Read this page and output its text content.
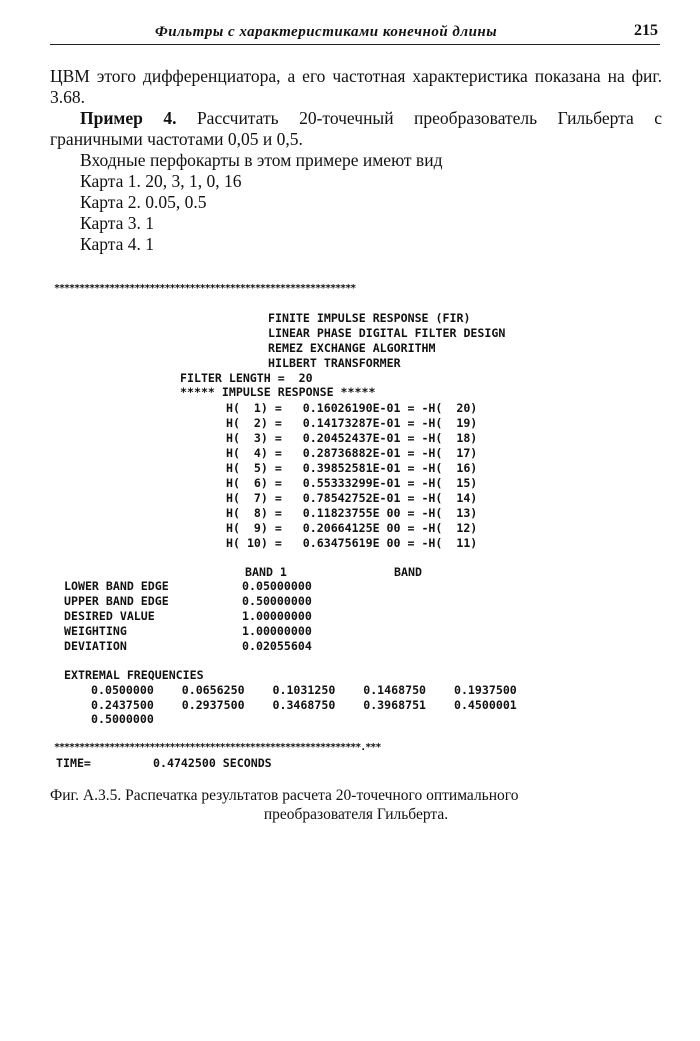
Фильтры с характеристиками конечной длины	215

ЦВМ этого дифференциатора, а его частотная характеристика показана на фиг. 3.68.

Пример 4. Рассчитать 20-точечный преобразователь Гильберта с граничными частотами 0,05 и 0,5.

Входные перфокарты в этом примере имеют вид

Карта 1. 20, 3, 1, 0, 16
Карта 2. 0.05, 0.5
Карта 3. 1
Карта 4. 1
************************************************************
FINITE IMPULSE RESPONSE (FIR)
LINEAR PHASE DIGITAL FILTER DESIGN
REMEZ EXCHANGE ALGORITHM
HILBERT TRANSFORMER
FILTER LENGTH =  20
***** IMPULSE RESPONSE *****
H(  1) =   0.16026190E-01 = -H(  20)
H(  2) =   0.14173287E-01 = -H(  19)
H(  3) =   0.20452437E-01 = -H(  18)
H(  4) =   0.28736882E-01 = -H(  17)
H(  5) =   0.39852581E-01 = -H(  16)
H(  6) =   0.55333299E-01 = -H(  15)
H(  7) =   0.78542752E-01 = -H(  14)
H(  8) =   0.11823755E 00 = -H(  13)
H(  9) =   0.20664125E 00 = -H(  12)
H( 10) =   0.63475619E 00 = -H(  11)
BAND 1	BAND
LOWER BAND EDGE	0.05000000
UPPER BAND EDGE	0.50000000
DESIRED VALUE	1.00000000
WEIGHTING	1.00000000
DEVIATION	0.02055604
EXTREMAL FREQUENCIES
0.0500000    0.0656250    0.1031250    0.1468750    0.1937500
0.2437500    0.2937500    0.3468750    0.3968751    0.4500001
0.5000000
*************************************************************.***
TIME=	0.4742500 SECONDS
Фиг. А.3.5. Распечатка результатов расчета 20-точечного оптимального
преобразователя Гильберта.
